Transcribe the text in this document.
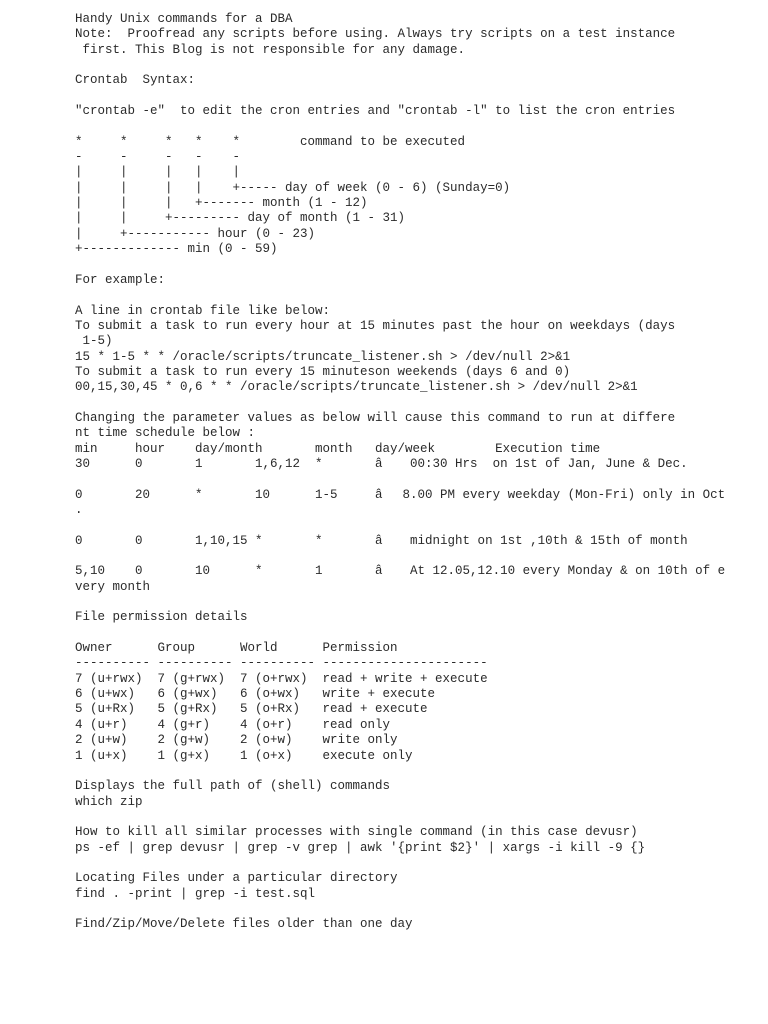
Handy Unix commands for a DBA
Note:  Proofread any scripts before using. Always try scripts on a test instance
first. This Blog is not responsible for any damage.
Crontab  Syntax:
"crontab -e"  to edit the cron entries and "crontab -l" to list the cron entries
*     *     *   *    *        command to be executed
-     -     -   -    -
|     |     |   |    |
|     |     |   |    +----- day of week (0 - 6) (Sunday=0)
|     |     |   +------- month (1 - 12)
|     |     +--------- day of month (1 - 31)
|     +----------- hour (0 - 23)
+------------- min (0 - 59)
For example:
A line in crontab file like below:
To submit a task to run every hour at 15 minutes past the hour on weekdays (days
1-5)
15 * 1-5 * * /oracle/scripts/truncate_listener.sh > /dev/null 2>&1
To submit a task to run every 15 minuteson weekends (days 6 and 0)
00,15,30,45 * 0,6 * * /oracle/scripts/truncate_listener.sh > /dev/null 2>&1
Changing the parameter values as below will cause this command to run at differe
nt time schedule below :
min     hour    day/month       month   day/week        Execution time
30      0       1       1,6,12  *       â 00:30 Hrs  on 1st of Jan, June & Dec.
0       20      *       10      1-5     â8.00 PM every weekday (Mon-Fri) only in Oct
.
0       0       1,10,15 *       *       â midnight on 1st ,10th & 15th of month
5,10    0       10      *       1       â At 12.05,12.10 every Monday & on 10th of e
very month
File permission details
Owner      Group      World      Permission
---------- ---------- ---------- ----------------------
7 (u+rwx)  7 (g+rwx)  7 (o+rwx)  read + write + execute
6 (u+wx)   6 (g+wx)   6 (o+wx)   write + execute
5 (u+Rx)   5 (g+Rx)   5 (o+Rx)   read + execute
4 (u+r)    4 (g+r)    4 (o+r)    read only
2 (u+w)    2 (g+w)    2 (o+w)    write only
1 (u+x)    1 (g+x)    1 (o+x)    execute only
Displays the full path of (shell) commands
which zip
How to kill all similar processes with single command (in this case devusr)
ps -ef | grep devusr | grep -v grep | awk '{print $2}' | xargs -i kill -9 {}
Locating Files under a particular directory
find . -print | grep -i test.sql
Find/Zip/Move/Delete files older than one day
